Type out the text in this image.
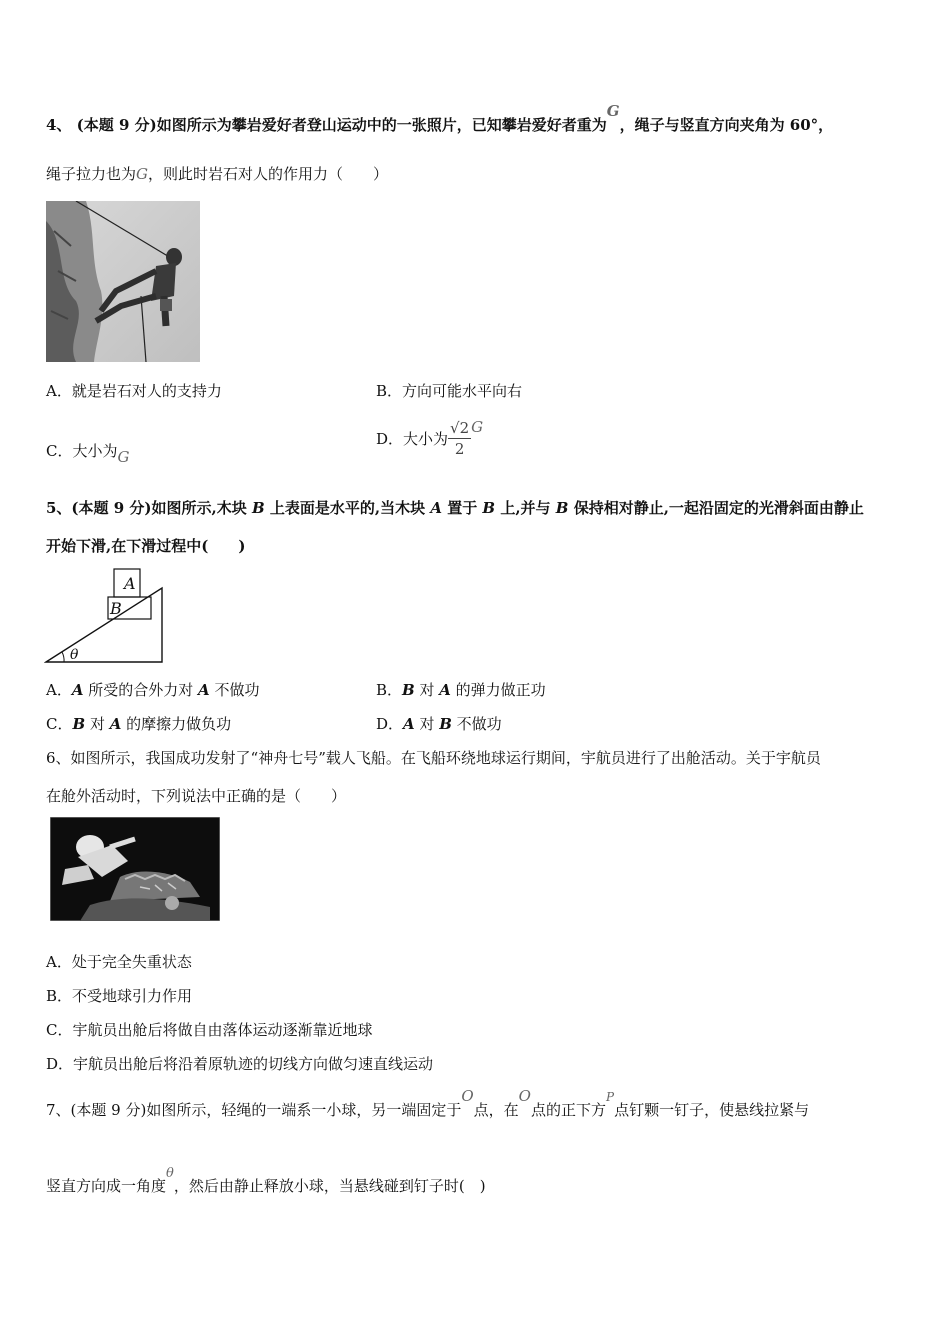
4、 (本题 9 分)如图所示为攀岩爱好者登山运动中的一张照片，已知攀岩爱好者重为G，绳子与竖直方向夹角为 60°，
绳子拉力也为G，则此时岩石对人的作用力（　　）
A．就是岩石对人的支持力	B．方向可能水平向右
C．大小为G
D．大小为 $\frac{√2}{2}$ G
5、(本题 9 分)如图所示,木块 B 上表面是水平的,当木块 A 置于 B 上,并与 B 保持相对静止,一起沿固定的光滑斜面由静止
开始下滑,在下滑过程中(　　)
A
B
θ
A．A 所受的合外力对 A 不做功	B．B 对 A 的弹力做正功
C．B 对 A 的摩擦力做负功	D．A 对 B 不做功
6、如图所示，我国成功发射了“神舟七号”载人飞船。在飞船环绕地球运行期间，宇航员进行了出舱活动。关于宇航员
在舱外活动时，下列说法中正确的是（　　）
A．处于完全失重状态
B．不受地球引力作用
C．宇航员出舱后将做自由落体运动逐渐靠近地球
D．宇航员出舱后将沿着原轨迹的切线方向做匀速直线运动
7、(本题 9 分)如图所示，轻绳的一端系一小球，另一端固定于O点，在O点的正下方$^P$点钉颗一钉子，使悬线拉紧与
竖直方向成一角度θ，然后由静止释放小球，当悬线碰到钉子时(　)
